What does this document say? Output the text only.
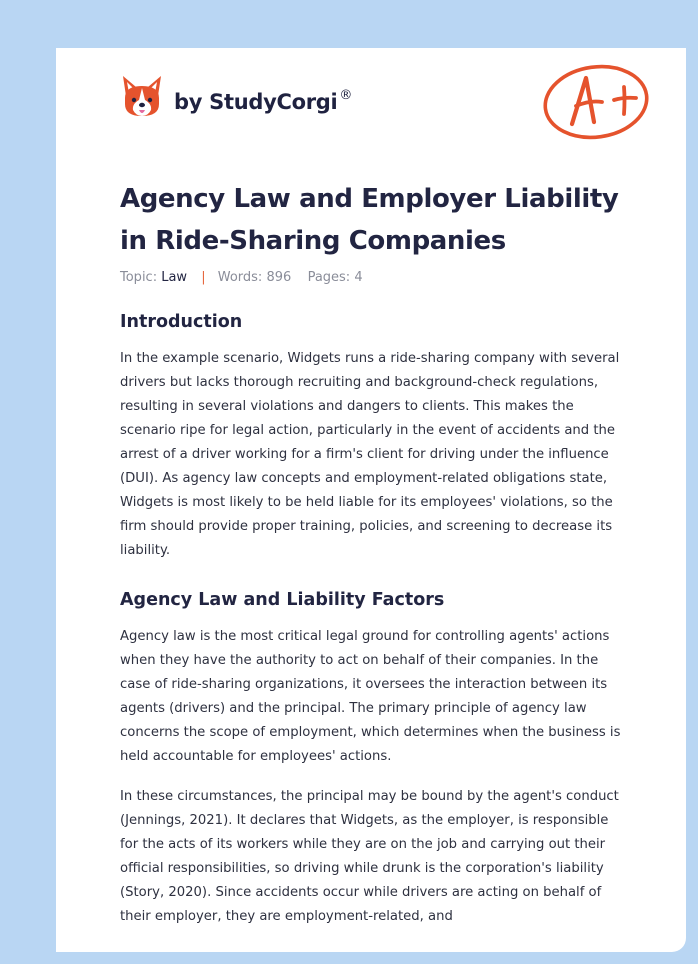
by StudyCorgi ®
Agency Law and Employer Liability in Ride-Sharing Companies
Topic: Law | Words: 896 Pages: 4
Introduction

In the example scenario, Widgets runs a ride-sharing company with several drivers but lacks thorough recruiting and background-check regulations, resulting in several violations and dangers to clients. This makes the scenario ripe for legal action, particularly in the event of accidents and the arrest of a driver working for a firm's client for driving under the influence (DUI). As agency law concepts and employment-related obligations state, Widgets is most likely to be held liable for its employees' violations, so the firm should provide proper training, policies, and screening to decrease its liability.

Agency Law and Liability Factors

Agency law is the most critical legal ground for controlling agents' actions when they have the authority to act on behalf of their companies. In the case of ride-sharing organizations, it oversees the interaction between its agents (drivers) and the principal. The primary principle of agency law concerns the scope of employment, which determines when the business is held accountable for employees' actions.

In these circumstances, the principal may be bound by the agent's conduct (Jennings, 2021). It declares that Widgets, as the employer, is responsible for the acts of its workers while they are on the job and carrying out their official responsibilities, so driving while drunk is the corporation's liability (Story, 2020). Since accidents occur while drivers are acting on behalf of their employer, they are employment-related, and
